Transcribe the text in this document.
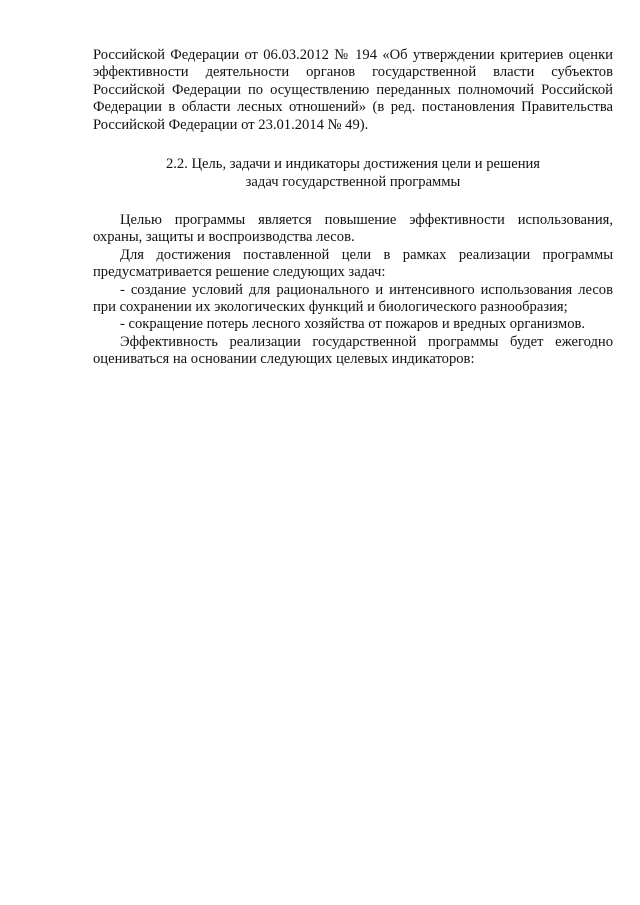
Российской Федерации от 06.03.2012 № 194 «Об утверждении критериев оценки эффективности деятельности органов государственной власти субъектов Российской Федерации по осуществлению переданных полномочий Российской Федерации в области лесных отношений» (в ред. постановления Правительства Российской Федерации от 23.01.2014 № 49).

2.2. Цель, задачи и индикаторы достижения цели и решения
задач государственной программы

Целью программы является повышение эффективности использования, охраны, защиты и воспроизводства лесов.

Для достижения поставленной цели в рамках реализации программы предусматривается решение следующих задач:

- создание условий для рационального и интенсивного использования лесов при сохранении их экологических функций и биологического разнообразия;

- сокращение потерь лесного хозяйства от пожаров и вредных организмов.

Эффективность реализации государственной программы будет ежегодно оцениваться на основании следующих целевых индикаторов:
